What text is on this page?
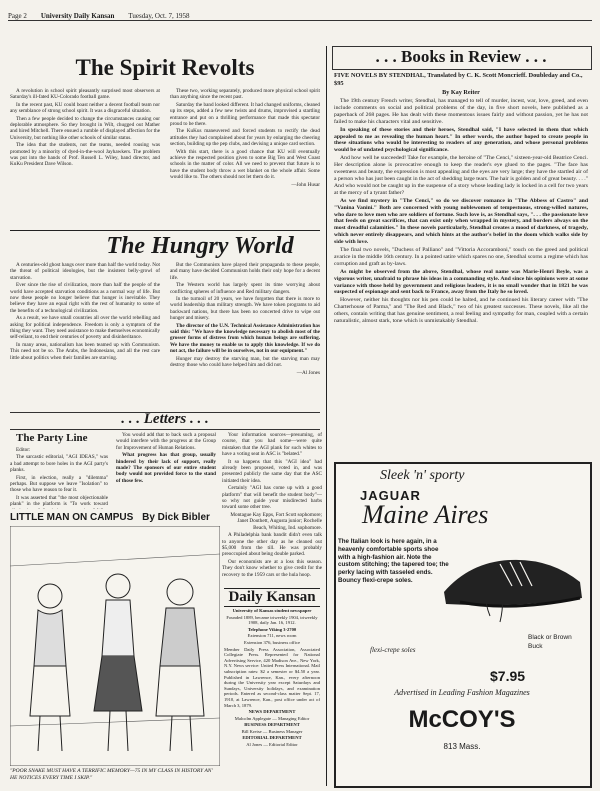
Page 2 University Daily Kansan Tuesday, Oct. 7, 1958
The Spirit Revolts

A revolution in school spirit pleasantly surprised most observers at Saturday's ill-fated KU-Colorado football game.

In the recent past, KU could boast neither a decent football team nor any semblance of strong school spirit. It was a disgraceful situation.

Then a few people decided to change the circumstances causing our deplorable atmosphere. So they brought in Wilt, chugged out Mather and hired Mitchell. There ensued a rumble of displayed affection for the University, but nothing like other schools of similar status.

The idea that the students, not the teams, needed rousing was promoted by a minority of dyed-in-the-wool Jayhawkers. The problem was put into the hands of Prof. Russell L. Wiley, band director, and KuKu President Dave Wilson.

These two, working separately, produced more physical school spirit than anything since the recent past.

Saturday the band looked different. It had changed uniforms, cleaned up its steps, added a few new twists and drums, improvised a startling entrance and put on a thrilling performance that made this spectator proud to be there.

The KuKus maneuvered and forced students to rectify the dead attitudes they had complained about for years by enlarging the cheering section, building up the pep clubs, and devising a unique card section.

With this start, there is a good chance that KU will eventually achieve the respected position given to some Big Ten and West Coast schools in the matter of color. All we need to prevent that future is to have the student body throw a wet blanket on the whole affair. Some would like to. The others should not let them do it.

—John Husar

The Hungry World

A centuries-old ghost hangs over more than half the world today. Not the threat of political ideologies, but the insistent belly-growl of starvation.

Ever since the rise of civilization, more than half the people of the world have accepted starvation conditions as a normal way of life. But now these people no longer believe that hunger is inevitable. They believe they have an equal right with the rest of humanity to some of the benefits of a technological civilization.

As a result, we have small countries all over the world rebelling and asking for political independence. Freedom is only a symptom of the thing they want. They need assistance to make themselves economically self-reliant, to end their centuries of poverty and disinheritance.

In many areas, nationalism has been teamed up with Communism. This need not be so. The Arabs, the Indonesians, and all the rest care little about politics when their families are starving.

But the Communists have played their propaganda to these people, and many have decided Communism holds their only hope for a decent life.

The Western world has largely spent its time worrying about conflicting spheres of influence and Red military dangers.

In the turmoil of 20 years, we have forgotten that there is more to world leadership than military strength. We have token programs to aid backward nations, but there has been no concerted drive to wipe out hunger and misery.

The director of the U.N. Technical Assistance Administration has said this: "We have the knowledge necessary to abolish most of the grosser forms of distress from which human beings are suffering. We have the money to enable us to apply this knowledge. If we do not act, the failure will be in ourselves, not in our equipment."

Hunger may destroy the starving man, but the starving man may destroy those who could have helped him and did not.

—Al Jones

. . . Letters . . .
The Party Line

Editor:

The sarcastic editorial, "AGI IDEAS," was a bad attempt to bore holes in the AGI party's planks.

First, in election, really a "dilemma" perhaps. But suppose we leave "Isolation" to those who have reason to fear it.

It was asserted that "the most objectionable plank" in the platform is "To work toward

You would add that to back such a proposal would interfere with the progress at the Group for Improvement of Human Relations.

What progress has that group, usually hindered by their lack of support, really made? The sponsors of our entire student body would not provided force to the stand of those few.

Your information sources—presuming, of course, that you had some—were quite mistaken that the AGI plank for such whites to have a voting seat in ASC is "belated."

It so happens that this "AGI idea" had already been proposed, voted in, and was presented publicly the same day that the ASC initiated their idea.

Certainly "AGI has come up with a good platform" that will benefit the student body"—so why not guide your misdirected barbs toward some other tree.

Montague Kay Epps, Fort Scott sophomore; Janet Douthett, Augusta junior; Rochelle Beach, Whiting, Ind. sophomore.

A Philadelphia bank bandit didn't even talk to anyone the other day as he cleaned out $5,000 from the till. He was probably preoccupied about being double parked.

Our economists are at a loss this season. They don't know whether to give credit for the recovery to the 1959 cars or the hula hoop.

LITTLE MAN ON CAMPUS By Dick Bibler
"POOR SNAKE MUST HAVE A TERRIFIC MEMORY—75 IN MY CLASS IN HISTORY AN' HE NOTICES EVERY TIME I SKIP."
Daily Kansan

University of Kansas student newspaper

Founded 1889, became triweekly 1904, triweekly 1908, daily Jan. 16, 1912.

Telephone Viking 3-2700

Extension 711, news room

Extension 376, business office

Member Daily Press Association, Associated Collegiate Press. Represented for National Advertising Service, 420 Madison Ave., New York, N.Y. News service: United Press International. Mail subscription rates: $2 a semester or $4.50 a year. Published in Lawrence, Kan., every afternoon during the University year except Saturdays and Sundays, University holidays, and examination periods. Entered as second-class matter Sept. 17, 1910, at Lawrence, Kan., post office under act of March 3, 1879.

NEWS DEPARTMENT

Malcolm Applegate — Managing Editor

BUSINESS DEPARTMENT

Bill Kreise — Business Manager

EDITORIAL DEPARTMENT

Al Jones — Editorial Editor

. . . Books in Review . . .
FIVE NOVELS BY STENDHAL, Translated by C. K. Scott Moncrieff. Doubleday and Co., $95
By Kay Reiter

The 19th century French writer, Stendhal, has managed to tell of murder, incest, war, love, greed, and even include comments on social and political problems of the day, in five short novels, here published as a paperback of 268 pages. He has dealt with these momentous issues fairly and without passion, yet he has not failed to make his characters vital and sensitive.

In speaking of these stories and their heroes, Stendhal said, "I have selected in them that which appealed to me as revealing the human heart." In other words, the author hoped to create people in these situations who would be interesting to readers of any generation, and whose personal problems would be of undated psychological significance.

And how well he succeeded! Take for example, the heroine of "The Cenci," sixteen-year-old Beatrice Cenci. Her description alone is provocative enough to keep the reader's eye glued to the pages. "The face has sweetness and beauty, the expression is most appealing and the eyes are very large; they have the startled air of a person who has just been caught in the act of shedding large tears. The hair is golden and of great beauty. . . ." And who would not be caught up in the suspense of a story whose leading lady is locked in a cell for two years at the mercy of a tyrant father?

As we find mystery in "The Cenci," so do we discover romance in "The Abbess of Castro" and "Vanina Vanini." Both are concerned with young noblewomen of tempestuous, strong-willed natures, who dare to love men who are soldiers of fortune. Such love is, as Stendhal says, ". . . the passionate love that feeds on great sacrifices, that can exist only when wrapped in mystery, and borders always on the most dreadful calamities." In these novels particularly, Stendhal creates a mood of darkness, of tragedy, which never entirely disappears, and which hints at the author's belief in the doom which walks side by side with love.

The final two novels, "Duchess of Palliano" and "Vittoria Accoramboni," touch on the greed and political avarice in the middle 16th century. In a pointed satire which spares no one, Stendhal scorns a regime which has corruption and graft as by-laws.

As might be observed from the above, Stendhal, whose real name was Marie-Henri Beyle, was a vigorous writer, unafraid to phrase his ideas in a commanding style. And since his opinions were at some variance with those held by government and religious leaders, it is no small wonder that in 1821 he was suspected of espionage and sent back to France, away from the Italy he so loved.

However, neither his thoughts nor his pen could be halted, and he continued his literary career with "The Charterhouse of Parma," and "The Red and Black," two of his greatest successes. These novels, like all the others, contain writing that has genuine sentiment, a real feeling and sympathy for man, coupled with a certain naturalistic, almost stark, tone which is unmistakably Stendhal.

Sleek 'n' sporty
JAGUAR
Maine Aires
The Italian look is here again, in a heavenly comfortable sports shoe with a high-fashion air. Note the custom stitching; the tapered toe; the perky lacing with tasseled ends. Bouncy flexi-crepe soles.
flexi-crepe soles
Black or Brown Buck
$7.95
Advertised in Leading Fashion Magazines
McCOY'S
813 Mass.
